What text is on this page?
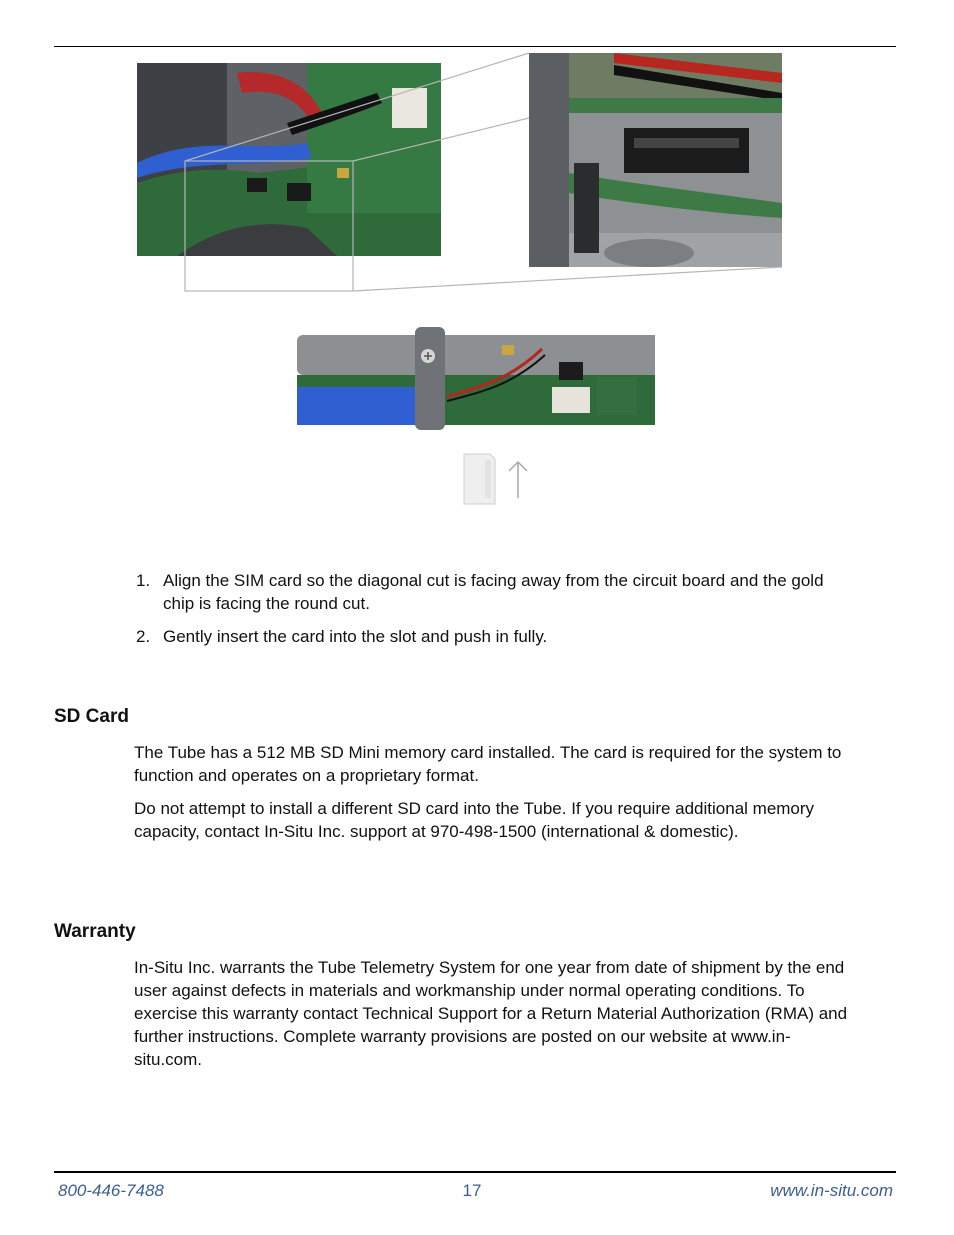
1. Align the SIM card so the diagonal cut is facing away from the circuit board and the gold chip is facing the round cut.
2. Gently insert the card into the slot and push in fully.
SD Card

The Tube has a 512 MB SD Mini memory card installed. The card is required for the system to function and operates on a proprietary format.

Do not attempt to install a different SD card into the Tube. If you require additional memory capacity, contact In-Situ Inc. support at 970-498-1500 (international & domestic).

Warranty

In-Situ Inc. warrants the Tube Telemetry System for one year from date of shipment by the end user against defects in materials and workmanship under normal operating conditions. To exercise this warranty contact Technical Support for a Return Material Authorization (RMA) and further instructions. Complete warranty provisions are posted on our website at www.in-situ.com.

800-446-7488	17	www.in-situ.com
